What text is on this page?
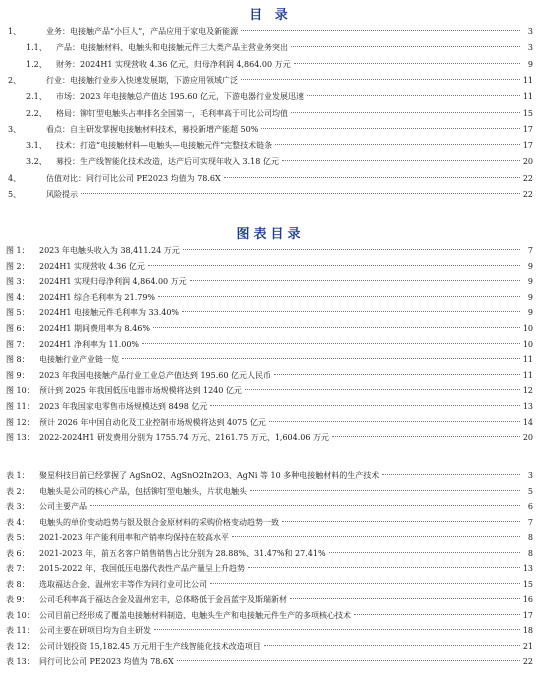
目 录
1、	业务：电接触产品“小巨人”，产品应用于家电及新能源	3
1.1、	产品：电接触材料、电触头和电接触元件三大类产品主营业务突出	3
1.2、	财务：2024H1 实现营收 4.36 亿元，归母净利润 4,864.00 万元	9
2、	行业：电接触行业步入快速发展期，下游应用领域广泛	11
2.1、	市场：2023 年电接触总产值达 195.60 亿元，下游电器行业发展迅速	11
2.2、	格局：铆钉型电触头占率排名全国第一，毛利率高于可比公司均值	15
3、	看点：自主研发掌握电接触材料技术，募投新增产能超 50%	17
3.1、	技术：打造“电接触材料—电触头—电接触元件”完整技术链条	17
3.2、	募投：生产线智能化技术改造，达产后可实现年收入 3.18 亿元	20
4、	估值对比：同行可比公司 PE2023 均值为 78.6X	22
5、	风险提示	22
图表目录
图 1：	2023 年电触头收入为 38,411.24 万元	7
图 2：	2024H1 实现营收 4.36 亿元	9
图 3：	2024H1 实现归母净利润 4,864.00 万元	9
图 4：	2024H1 综合毛利率为 21.79%	9
图 5：	2024H1 电接触元件毛利率为 33.40%	9
图 6：	2024H1 期间费用率为 8.46%	10
图 7：	2024H1 净利率为 11.00%	10
图 8：	电接触行业产业链一览	11
图 9：	2023 年我国电接触产品行业工业总产值达到 195.60 亿元人民币	11
图 10： 预计到 2025 年我国低压电器市场规模将达到 1240 亿元	12
图 11： 2023 年我国家电零售市场规模达到 8498 亿元	13
图 12： 预计 2026 年中国自动化及工业控制市场规模将达到 4075 亿元	14
图 13： 2022-2024H1 研发费用分别为 1755.74 万元、2161.75 万元、1,604.06 万元	20
表 1：	聚星科技目前已经掌握了 AgSnO2、AgSnO2In2O3、AgNi 等 10 多种电接触材料的生产技术	3
表 2：	电触头是公司的核心产品，包括铆钉型电触头，片状电触头	5
表 3：	公司主要产品	6
表 4：	电触头的单价变动趋势与银及银合金原材料的采购价格变动趋势一致	7
表 5：	2021-2023 年产能利用率和产销率均保持在较高水平	8
表 6：	2021-2023 年，前五名客户销售销售占比分别为 28.88%、31.47%和 27.41%	8
表 7：	2015-2022 年，我国低压电器代表性产品产量呈上升趋势	13
表 8：	选取福达合金、温州宏丰等作为同行业可比公司	15
表 9：	公司毛利率高于福达合金及温州宏丰，总体略低于金昌蓝宇及斯瑞新材	16
表 10： 公司目前已经形成了覆盖电接触材料制造、电触头生产和电接触元件生产的多项核心技术	17
表 11： 公司主要在研项目均为自主研发	18
表 12： 公司计划投资 15,182.45 万元用于生产线智能化技术改造项目	21
表 13： 同行可比公司 PE2023 均值为 78.6X	22
